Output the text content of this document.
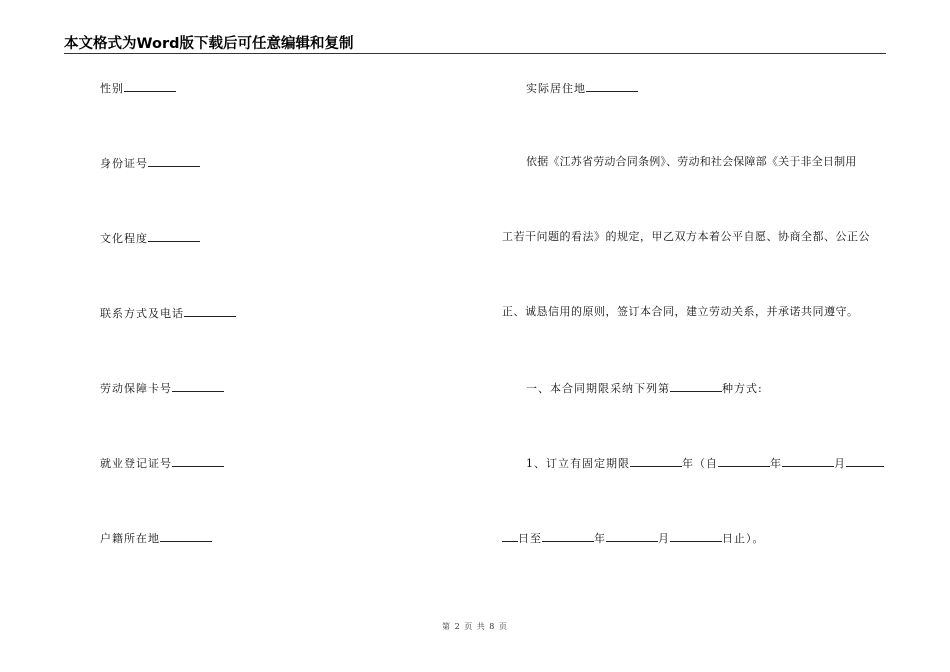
本文格式为Word版下载后可任意编辑和复制
性别
身份证号
文化程度
联系方式及电话
劳动保障卡号
就业登记证号
户籍所在地
实际居住地
依据《江苏省劳动合同条例》、劳动和社会保障部《关于非全日制用
工若干问题的看法》的规定，甲乙双方本着公平自愿、协商全都、公正公
正、诚恳信用的原则，签订本合同，建立劳动关系，并承诺共同遵守。
一、本合同期限采纳下列第	种方式:
1、订立有固定期限	年（自	年	月
日至	年	月	日止）。
第 2 页 共 8 页
